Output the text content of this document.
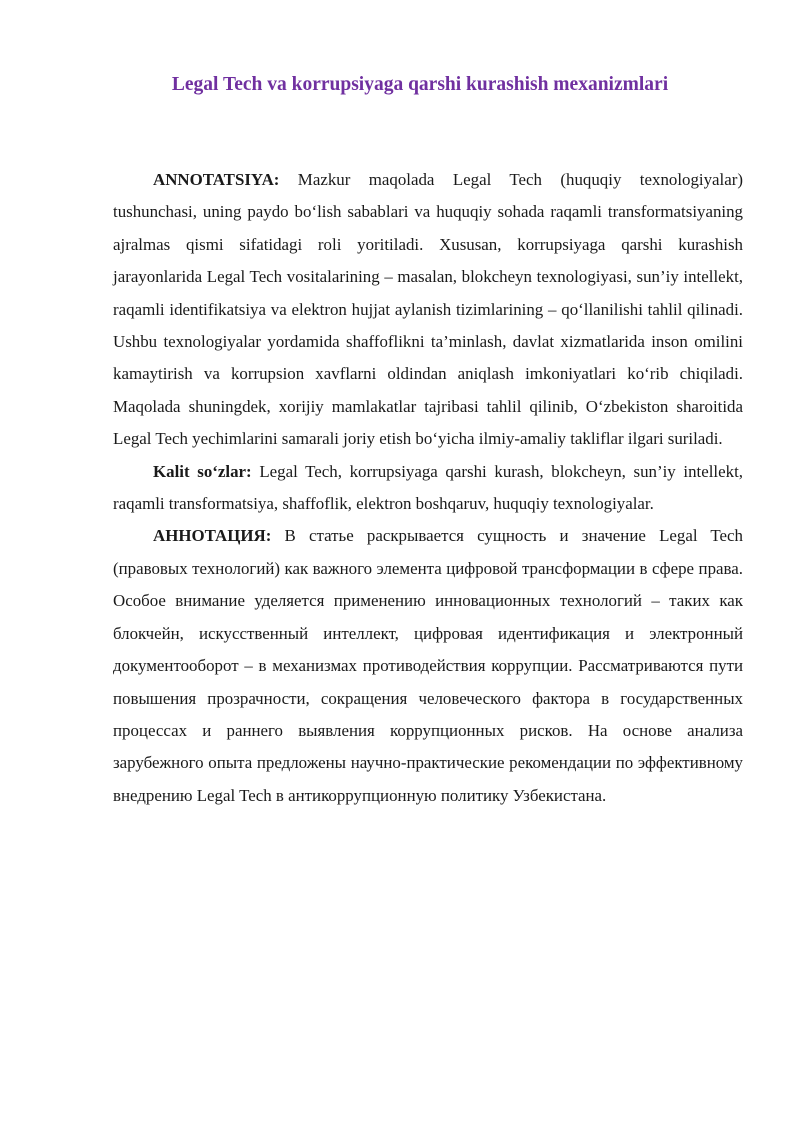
Legal Tech va korrupsiyaga qarshi kurashish mexanizmlari

ANNOTATSIYA: Mazkur maqolada Legal Tech (huquqiy texnologiyalar) tushunchasi, uning paydo bo‘lish sabablari va huquqiy sohada raqamli transformatsiyaning ajralmas qismi sifatidagi roli yoritiladi. Xususan, korrupsiyaga qarshi kurashish jarayonlarida Legal Tech vositalarining – masalan, blokcheyn texnologiyasi, sun’iy intellekt, raqamli identifikatsiya va elektron hujjat aylanish tizimlarining – qo‘llanilishi tahlil qilinadi. Ushbu texnologiyalar yordamida shaffoflikni ta’minlash, davlat xizmatlarida inson omilini kamaytirish va korrupsion xavflarni oldindan aniqlash imkoniyatlari ko‘rib chiqiladi. Maqolada shuningdek, xorijiy mamlakatlar tajribasi tahlil qilinib, O‘zbekiston sharoitida Legal Tech yechimlarini samarali joriy etish bo‘yicha ilmiy-amaliy takliflar ilgari suriladi.

Kalit so‘zlar: Legal Tech, korrupsiyaga qarshi kurash, blokcheyn, sun’iy intellekt, raqamli transformatsiya, shaffoflik, elektron boshqaruv, huquqiy texnologiyalar.

АННОТАЦИЯ: В статье раскрывается сущность и значение Legal Tech (правовых технологий) как важного элемента цифровой трансформации в сфере права. Особое внимание уделяется применению инновационных технологий – таких как блокчейн, искусственный интеллект, цифровая идентификация и электронный документооборот – в механизмах противодействия коррупции. Рассматриваются пути повышения прозрачности, сокращения человеческого фактора в государственных процессах и раннего выявления коррупционных рисков. На основе анализа зарубежного опыта предложены научно-практические рекомендации по эффективному внедрению Legal Tech в антикоррупционную политику Узбекистана.
